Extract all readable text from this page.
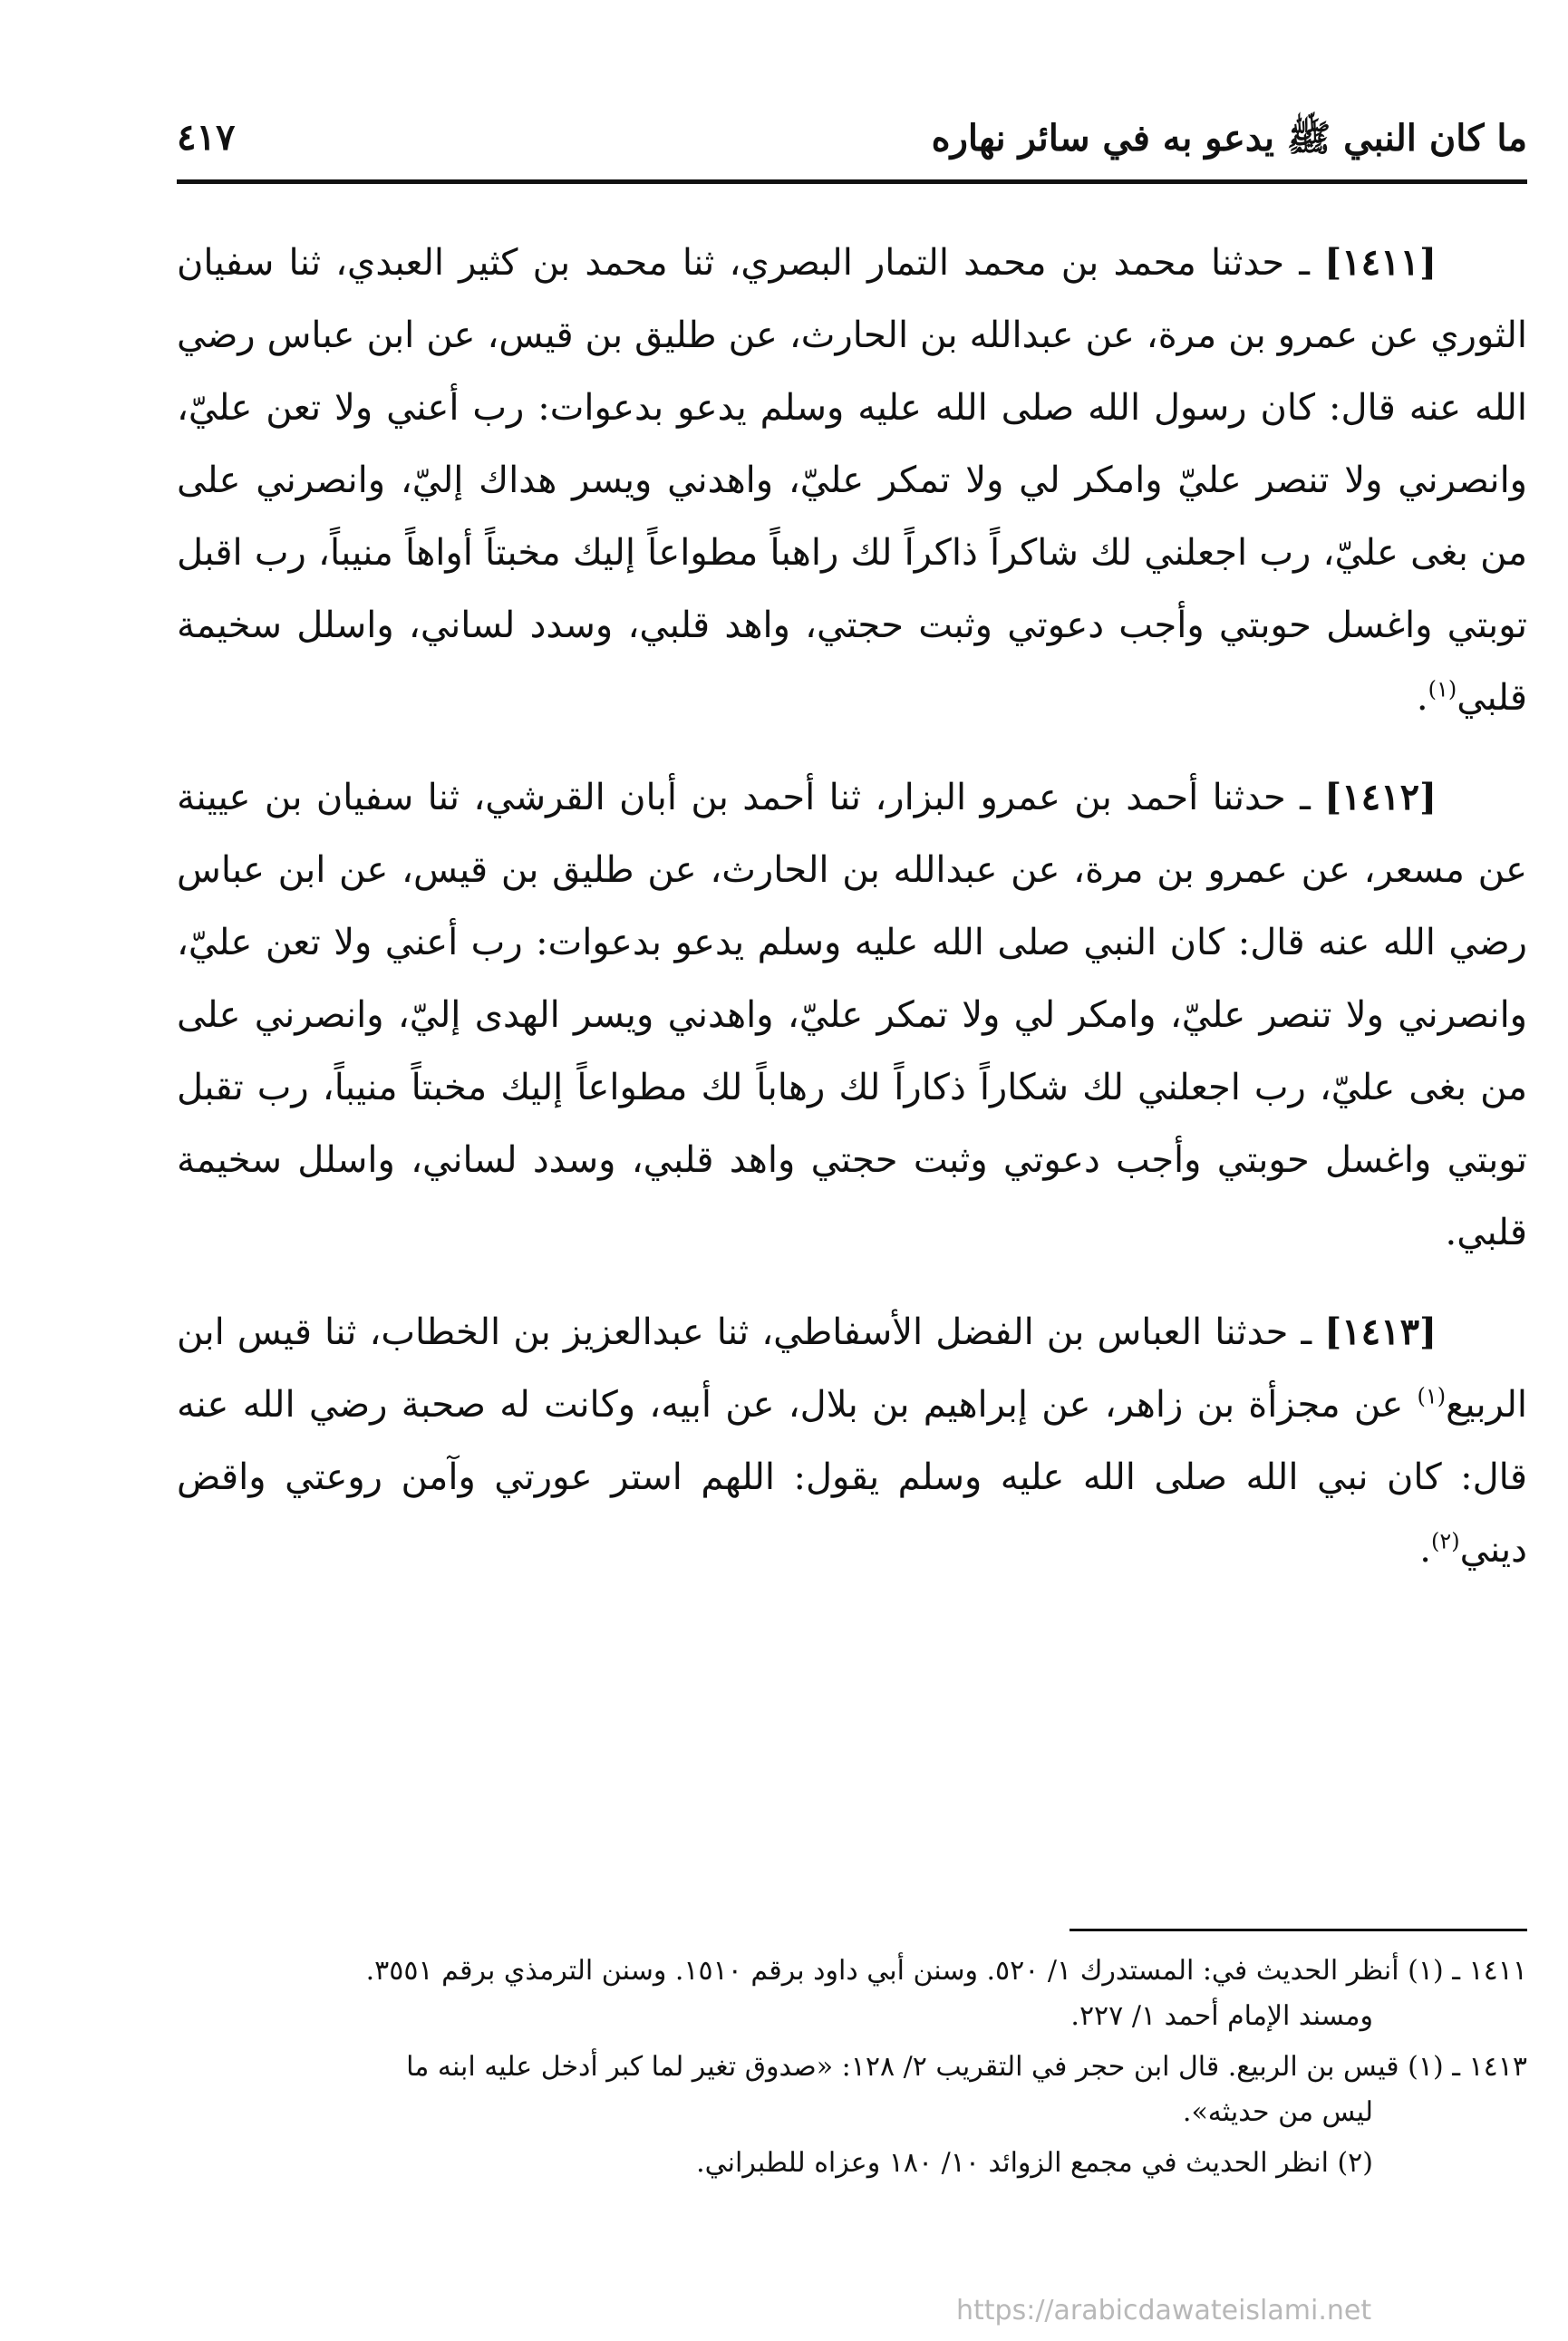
ما كان النبي ﷺ يدعو به في سائر نهاره
٤١٧

[١٤١١] ـ حدثنا محمد بن محمد التمار البصري، ثنا محمد بن كثير العبدي، ثنا سفيان الثوري عن عمرو بن مرة، عن عبدالله بن الحارث، عن طليق بن قيس، عن ابن عباس رضي الله عنه قال: كان رسول الله صلى الله عليه وسلم يدعو بدعوات: رب أعني ولا تعن عليّ، وانصرني ولا تنصر عليّ وامكر لي ولا تمكر عليّ، واهدني ويسر هداك إليّ، وانصرني على من بغى عليّ، رب اجعلني لك شاكراً ذاكراً لك راهباً مطواعاً إليك مخبتاً أواهاً منيباً، رب اقبل توبتي واغسل حوبتي وأجب دعوتي وثبت حجتي، واهد قلبي، وسدد لساني، واسلل سخيمة قلبي$^{(١)}$.

[١٤١٢] ـ حدثنا أحمد بن عمرو البزار، ثنا أحمد بن أبان القرشي، ثنا سفيان بن عيينة عن مسعر، عن عمرو بن مرة، عن عبدالله بن الحارث، عن طليق بن قيس، عن ابن عباس رضي الله عنه قال: كان النبي صلى الله عليه وسلم يدعو بدعوات: رب أعني ولا تعن عليّ، وانصرني ولا تنصر عليّ، وامكر لي ولا تمكر عليّ، واهدني ويسر الهدى إليّ، وانصرني على من بغى عليّ، رب اجعلني لك شكاراً ذكاراً لك رهاباً لك مطواعاً إليك مخبتاً منيباً، رب تقبل توبتي واغسل حوبتي وأجب دعوتي وثبت حجتي واهد قلبي، وسدد لساني، واسلل سخيمة قلبي.

[١٤١٣] ـ حدثنا العباس بن الفضل الأسفاطي، ثنا عبدالعزيز بن الخطاب، ثنا قيس ابن الربيع$^{(١)}$ عن مجزأة بن زاهر، عن إبراهيم بن بلال، عن أبيه، وكانت له صحبة رضي الله عنه قال: كان نبي الله صلى الله عليه وسلم يقول: اللهم استر عورتي وآمن روعتي واقض ديني$^{(٢)}$.

١٤١١ ـ (١) أنظر الحديث في: المستدرك ١/ ٥٢٠. وسنن أبي داود برقم ١٥١٠. وسنن الترمذي برقم ٣٥٥١.
ومسند الإمام أحمد ١/ ٢٢٧.
١٤١٣ ـ (١) قيس بن الربيع. قال ابن حجر في التقريب ٢/ ١٢٨: «صدوق تغير لما كبر أدخل عليه ابنه ما
ليس من حديثه».
(٢) انظر الحديث في مجمع الزوائد ١٠/ ١٨٠ وعزاه للطبراني.
https://arabicdawateislami.net
